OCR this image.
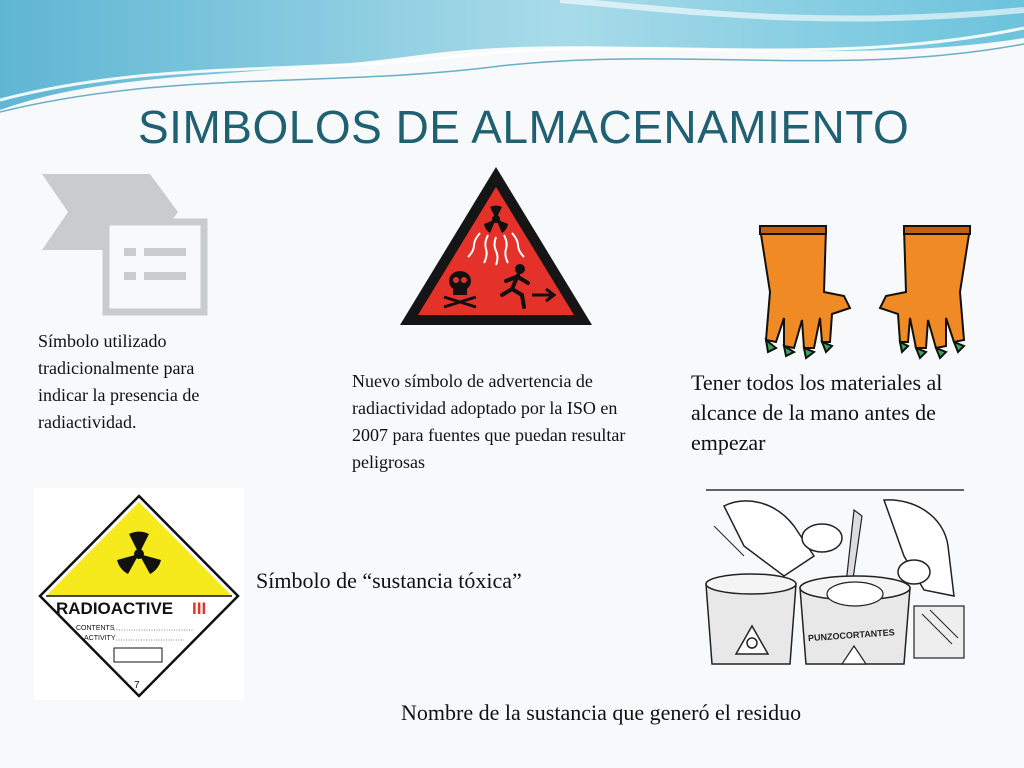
SIMBOLOS DE ALMACENAMIENTO
Símbolo utilizado tradicionalmente para indicar la presencia de radiactividad.
Nuevo símbolo de advertencia de radiactividad adoptado por la ISO en 2007 para fuentes que puedan resultar peligrosas
Tener todos los materiales al alcance de la mano antes de empezar
RADIOACTIVE III
CONTENTS
ACTIVITY
7
Símbolo de “sustancia tóxica”
PUNZOCORTANTES
Nombre de la sustancia que generó el residuo
